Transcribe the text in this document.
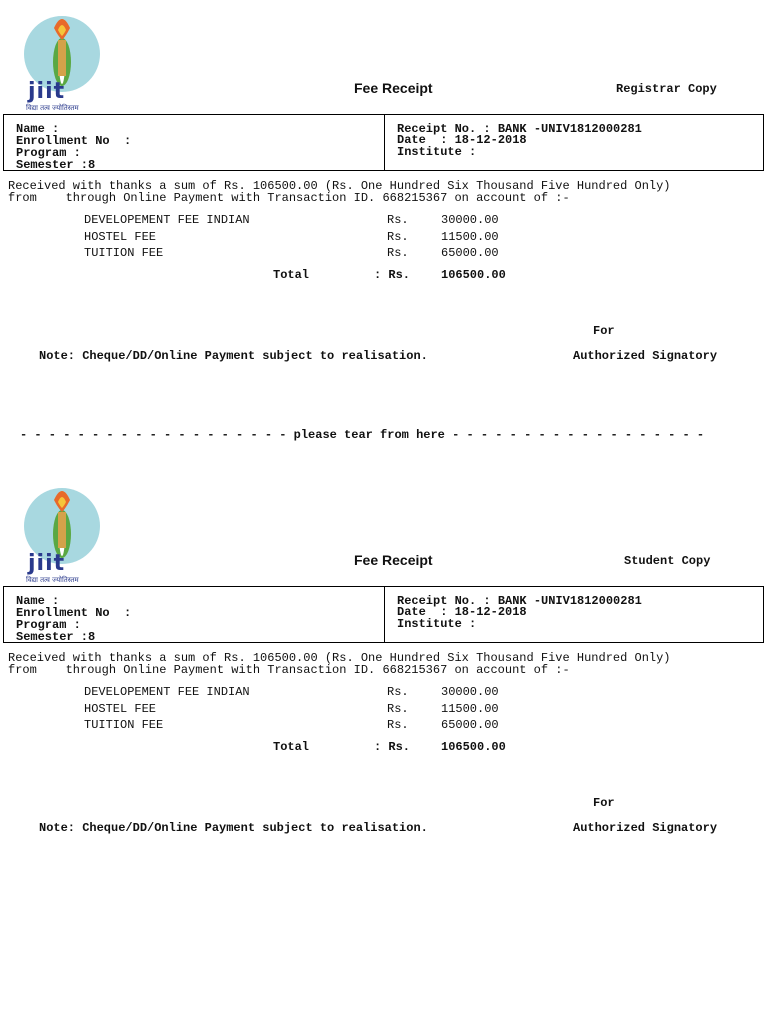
jiit
विद्या तत्व ज्योतिस्तम
Fee Receipt	Registrar Copy
Name :
Enrollment No  :
Program :
Semester :8
Receipt No. : BANK -UNIV1812000281
Date  : 18-12-2018
Institute :
Received with thanks a sum of Rs. 106500.00 (Rs. One Hundred Six Thousand Five Hundred Only)
from    through Online Payment with Transaction ID. 668215367 on account of :-
DEVELOPEMENT FEE INDIAN	Rs.	30000.00
HOSTEL FEE	Rs.	11500.00
TUITION FEE	Rs.	65000.00
Total	: Rs.	106500.00
For
Note: Cheque/DD/Online Payment subject to realisation.	Authorized Signatory
- - - - - - - - - - - - - - - - - - - please tear from here - - - - - - - - - - - - - - - - - -
jiit
विद्या तत्व ज्योतिस्तम
Fee Receipt	Student Copy
Name :
Enrollment No  :
Program :
Semester :8
Receipt No. : BANK -UNIV1812000281
Date  : 18-12-2018
Institute :
Received with thanks a sum of Rs. 106500.00 (Rs. One Hundred Six Thousand Five Hundred Only)
from    through Online Payment with Transaction ID. 668215367 on account of :-
DEVELOPEMENT FEE INDIAN	Rs.	30000.00
HOSTEL FEE	Rs.	11500.00
TUITION FEE	Rs.	65000.00
Total	: Rs.	106500.00
For
Note: Cheque/DD/Online Payment subject to realisation.	Authorized Signatory
